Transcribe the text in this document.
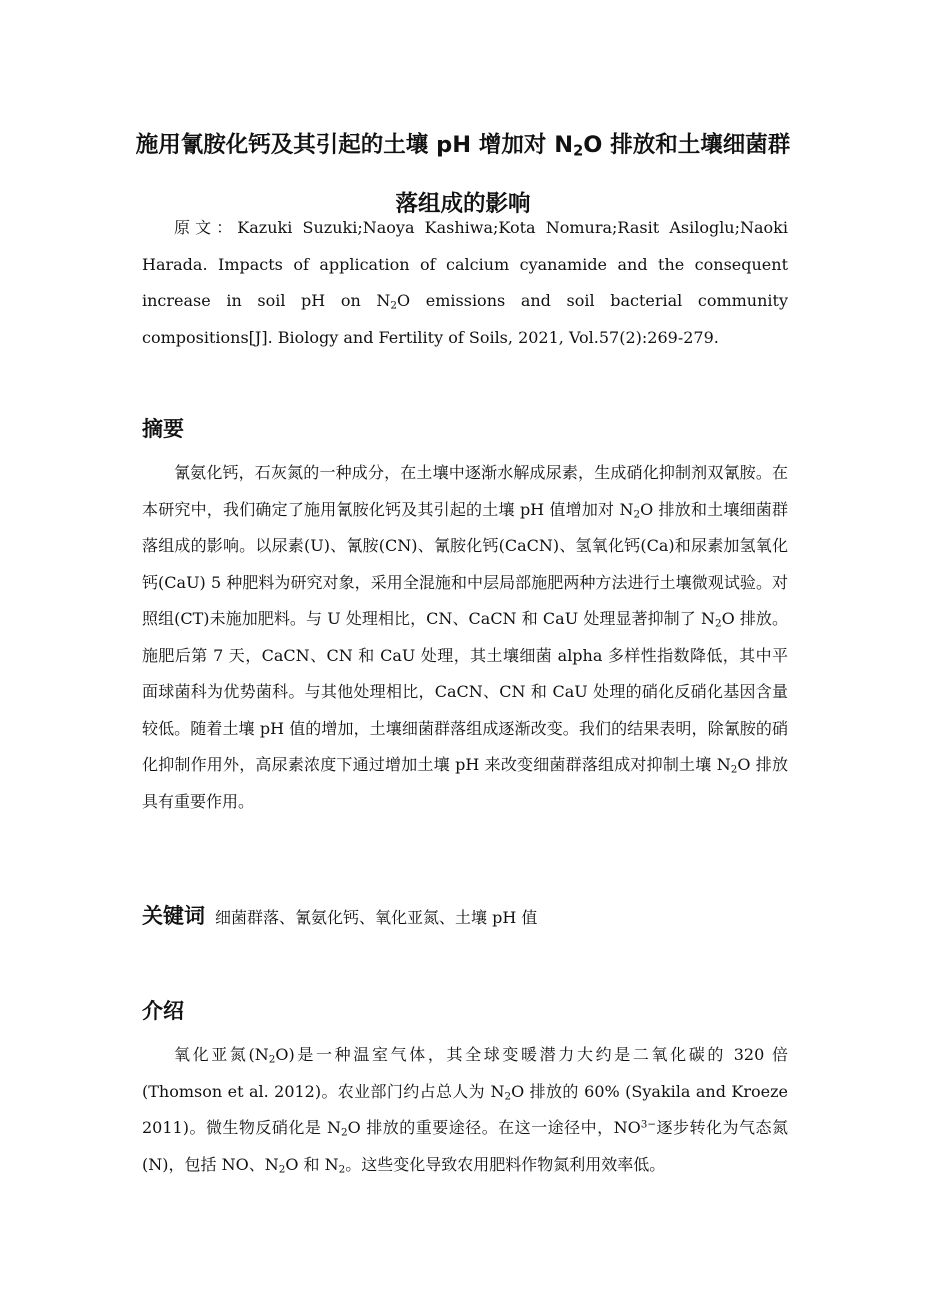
施用氰胺化钙及其引起的土壤 pH 增加对 $N_2O$ 排放和土壤细菌群落组成的影响

原文：Kazuki Suzuki;Naoya Kashiwa;Kota Nomura;Rasit Asiloglu;Naoki Harada. Impacts of application of calcium cyanamide and the consequent increase in soil pH on $N_2O$ emissions and soil bacterial community compositions[J]. Biology and Fertility of Soils, 2021, Vol.57(2):269-279.

摘要

氰氨化钙，石灰氮的一种成分，在土壤中逐渐水解成尿素，生成硝化抑制剂双氰胺。在本研究中，我们确定了施用氰胺化钙及其引起的土壤 pH 值增加对 $N_2O$ 排放和土壤细菌群落组成的影响。以尿素(U)、氰胺(CN)、氰胺化钙(CaCN)、氢氧化钙(Ca)和尿素加氢氧化钙(CaU) 5 种肥料为研究对象，采用全混施和中层局部施肥两种方法进行土壤微观试验。对照组(CT)未施加肥料。与 U 处理相比，CN、CaCN 和 CaU 处理显著抑制了 $N_2O$ 排放。施肥后第 7 天，CaCN、CN 和 CaU 处理，其土壤细菌 alpha 多样性指数降低，其中平面球菌科为优势菌科。与其他处理相比，CaCN、CN 和 CaU 处理的硝化反硝化基因含量较低。随着土壤 pH 值的增加，土壤细菌群落组成逐渐改变。我们的结果表明，除氰胺的硝化抑制作用外，高尿素浓度下通过增加土壤 pH 来改变细菌群落组成对抑制土壤 $N_2O$ 排放具有重要作用。

关键词 细菌群落、氰氨化钙、氧化亚氮、土壤 pH 值

介绍

氧化亚氮$(N_2O)$是一种温室气体，其全球变暖潜力大约是二氧化碳的 320 倍 (Thomson et al. 2012)。农业部门约占总人为 $N_2O$ 排放的 60% (Syakila and Kroeze 2011)。微生物反硝化是 $N_2O$ 排放的重要途径。在这一途径中，$NO^{3-}$逐步转化为气态氮(N)，包括 NO、$N_2O$ 和 $N_2$。这些变化导致农用肥料作物氮利用效率低。
